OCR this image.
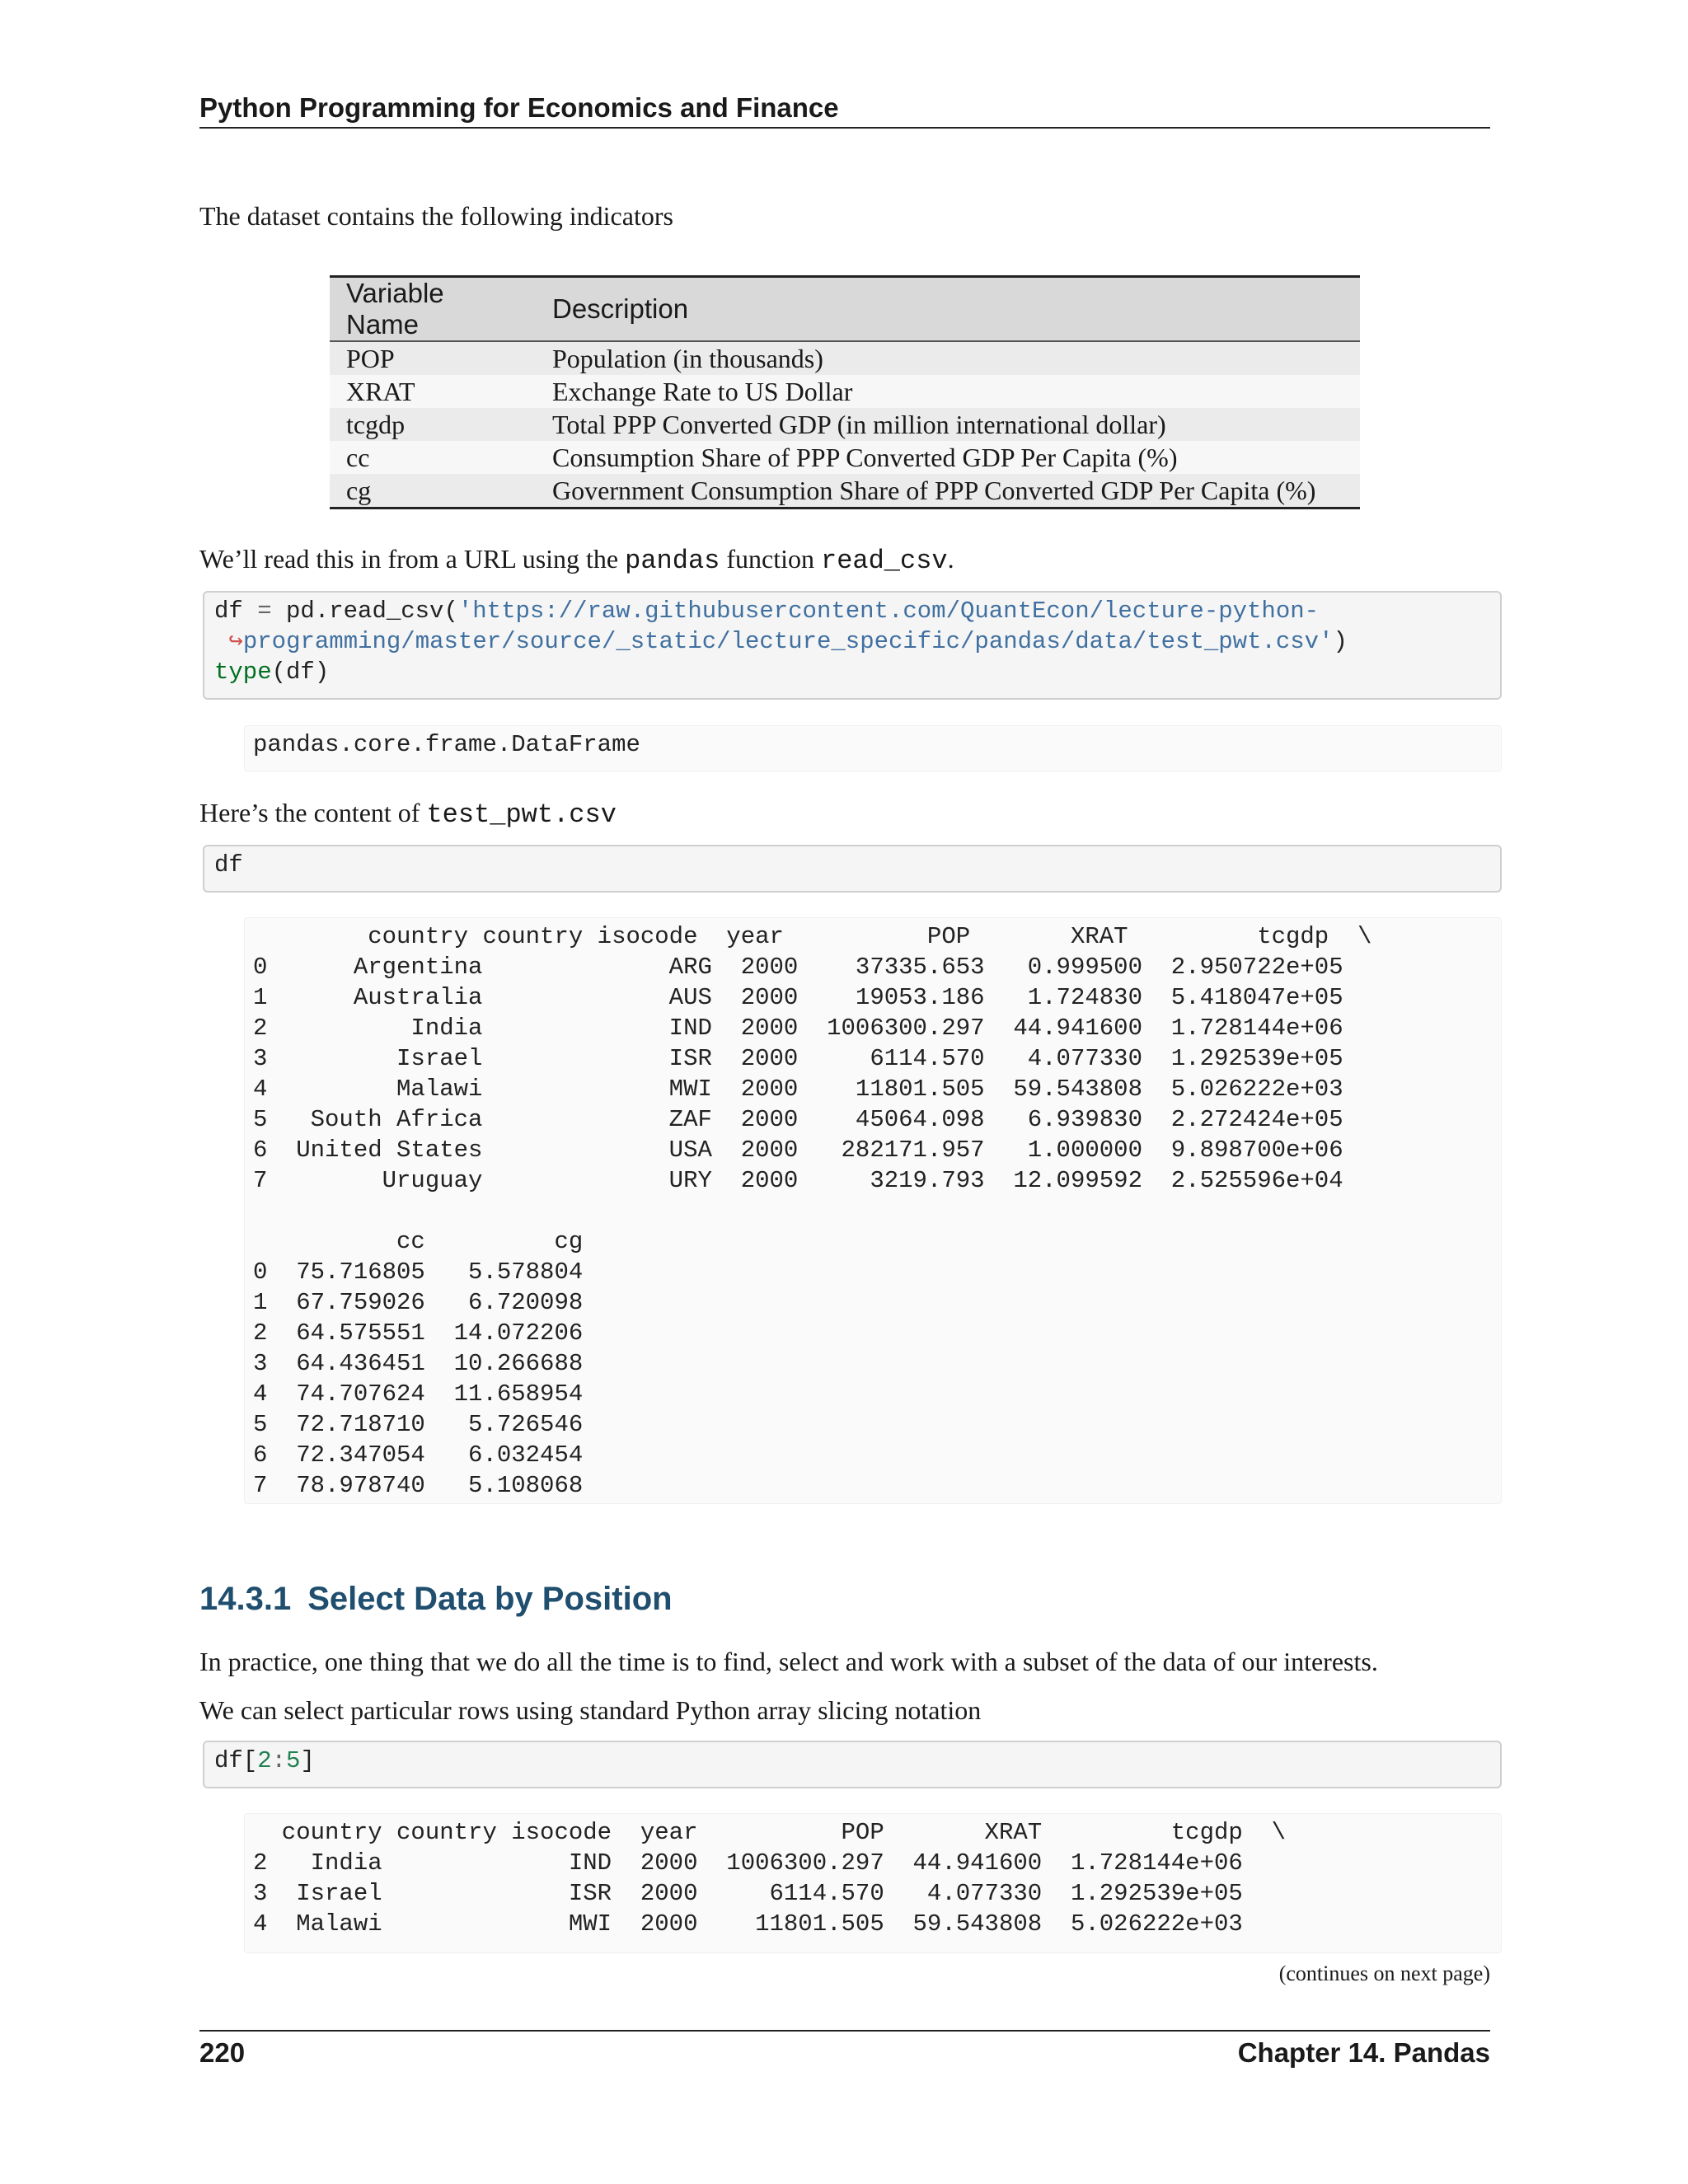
Python Programming for Economics and Finance
The dataset contains the following indicators
Variable Name	Description
POP	Population (in thousands)
XRAT	Exchange Rate to US Dollar
tcgdp	Total PPP Converted GDP (in million international dollar)
cc	Consumption Share of PPP Converted GDP Per Capita (%)
cg	Government Consumption Share of PPP Converted GDP Per Capita (%)
We’ll read this in from a URL using the pandas function read_csv.
df = pd.read_csv('https://raw.githubusercontent.com/QuantEcon/lecture-python-
↪programming/master/source/_static/lecture_specific/pandas/data/test_pwt.csv')
type(df)
pandas.core.frame.DataFrame
Here’s the content of test_pwt.csv
df
country country isocode  year          POP       XRAT         tcgdp  \
0      Argentina             ARG  2000    37335.653   0.999500  2.950722e+05
1      Australia             AUS  2000    19053.186   1.724830  5.418047e+05
2          India             IND  2000  1006300.297  44.941600  1.728144e+06
3         Israel             ISR  2000     6114.570   4.077330  1.292539e+05
4         Malawi             MWI  2000    11801.505  59.543808  5.026222e+03
5   South Africa             ZAF  2000    45064.098   6.939830  2.272424e+05
6  United States             USA  2000   282171.957   1.000000  9.898700e+06
7        Uruguay             URY  2000     3219.793  12.099592  2.525596e+04

cc         cg
0  75.716805   5.578804
1  67.759026   6.720098
2  64.575551  14.072206
3  64.436451  10.266688
4  74.707624  11.658954
5  72.718710   5.726546
6  72.347054   6.032454
7  78.978740   5.108068
14.3.1 Select Data by Position
In practice, one thing that we do all the time is to find, select and work with a subset of the data of our interests.
We can select particular rows using standard Python array slicing notation
df[2:5]
country country isocode  year          POP       XRAT         tcgdp  \
2   India             IND  2000  1006300.297  44.941600  1.728144e+06
3  Israel             ISR  2000     6114.570   4.077330  1.292539e+05
4  Malawi             MWI  2000    11801.505  59.543808  5.026222e+03
(continues on next page)
220	Chapter 14. Pandas
